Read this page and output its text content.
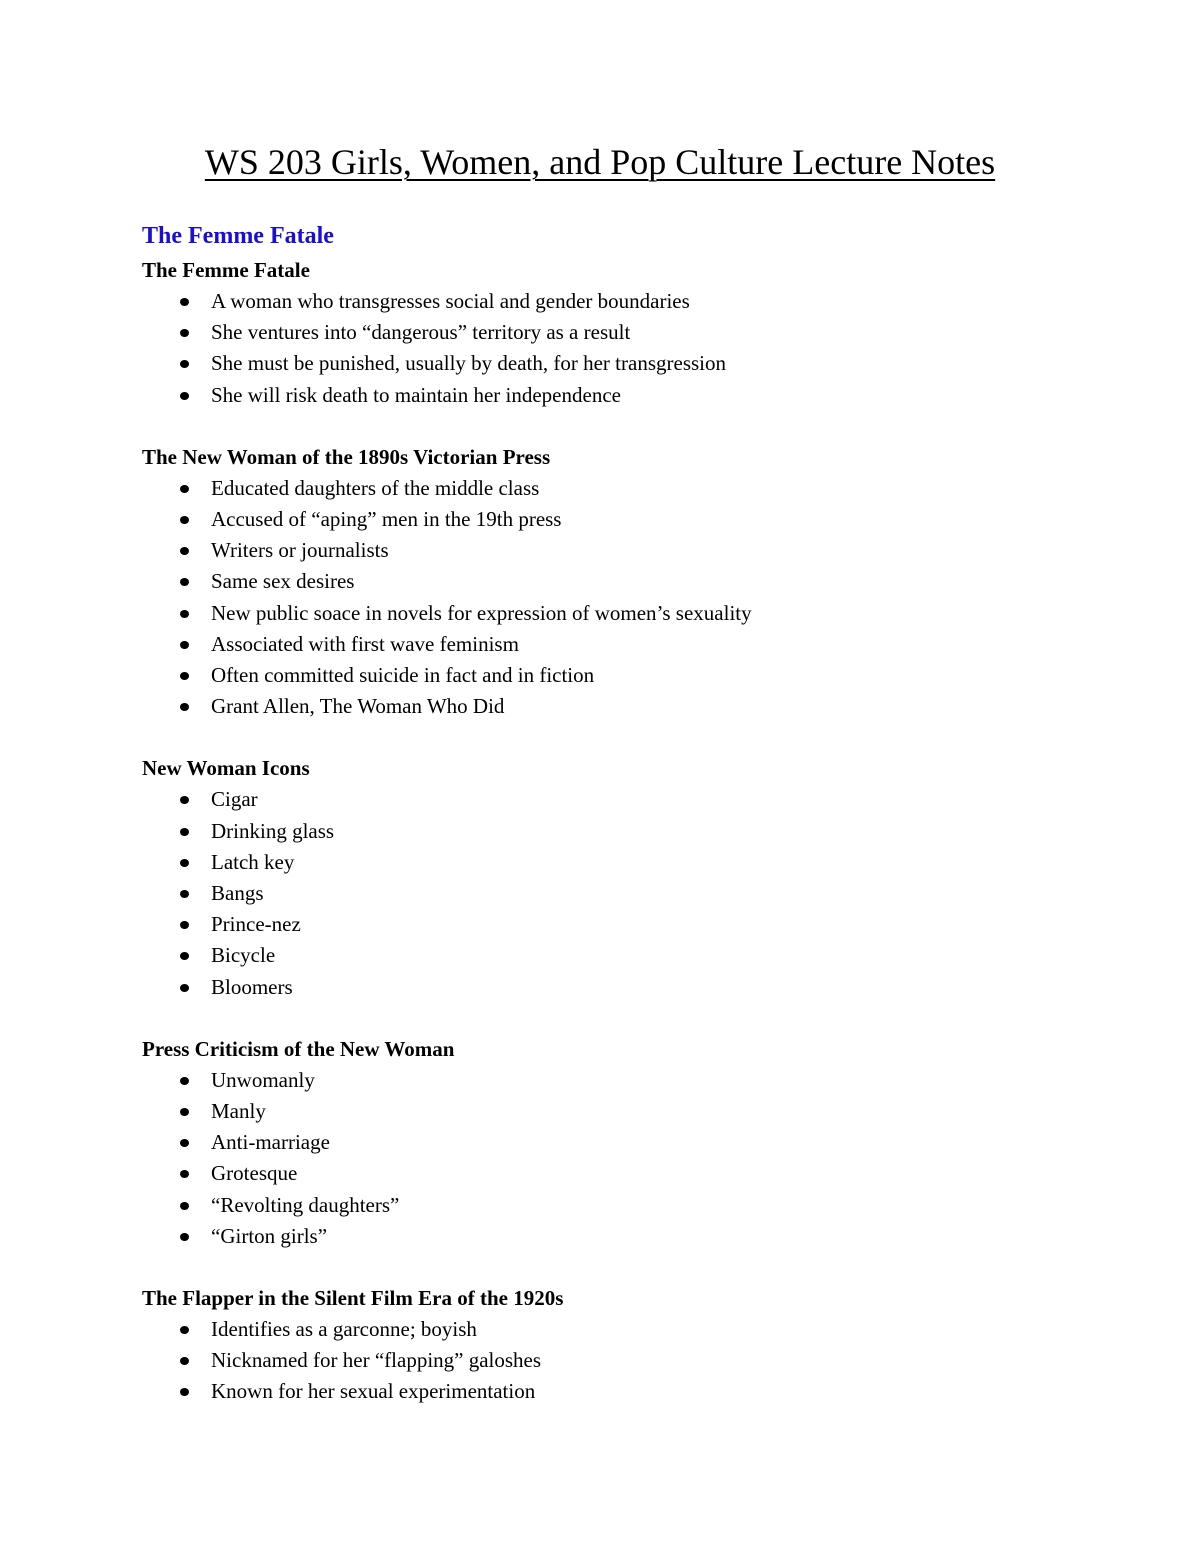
WS 203 Girls, Women, and Pop Culture Lecture Notes
The Femme Fatale
The Femme Fatale
A woman who transgresses social and gender boundaries
She ventures into “dangerous” territory as a result
She must be punished, usually by death, for her transgression
She will risk death to maintain her independence
The New Woman of the 1890s Victorian Press
Educated daughters of the middle class
Accused of “aping” men in the 19th press
Writers or journalists
Same sex desires
New public soace in novels for expression of women’s sexuality
Associated with first wave feminism
Often committed suicide in fact and in fiction
Grant Allen, The Woman Who Did
New Woman Icons
Cigar
Drinking glass
Latch key
Bangs
Prince-nez
Bicycle
Bloomers
Press Criticism of the New Woman
Unwomanly
Manly
Anti-marriage
Grotesque
“Revolting daughters”
“Girton girls”
The Flapper in the Silent Film Era of the 1920s
Identifies as a garconne; boyish
Nicknamed for her “flapping” galoshes
Known for her sexual experimentation
